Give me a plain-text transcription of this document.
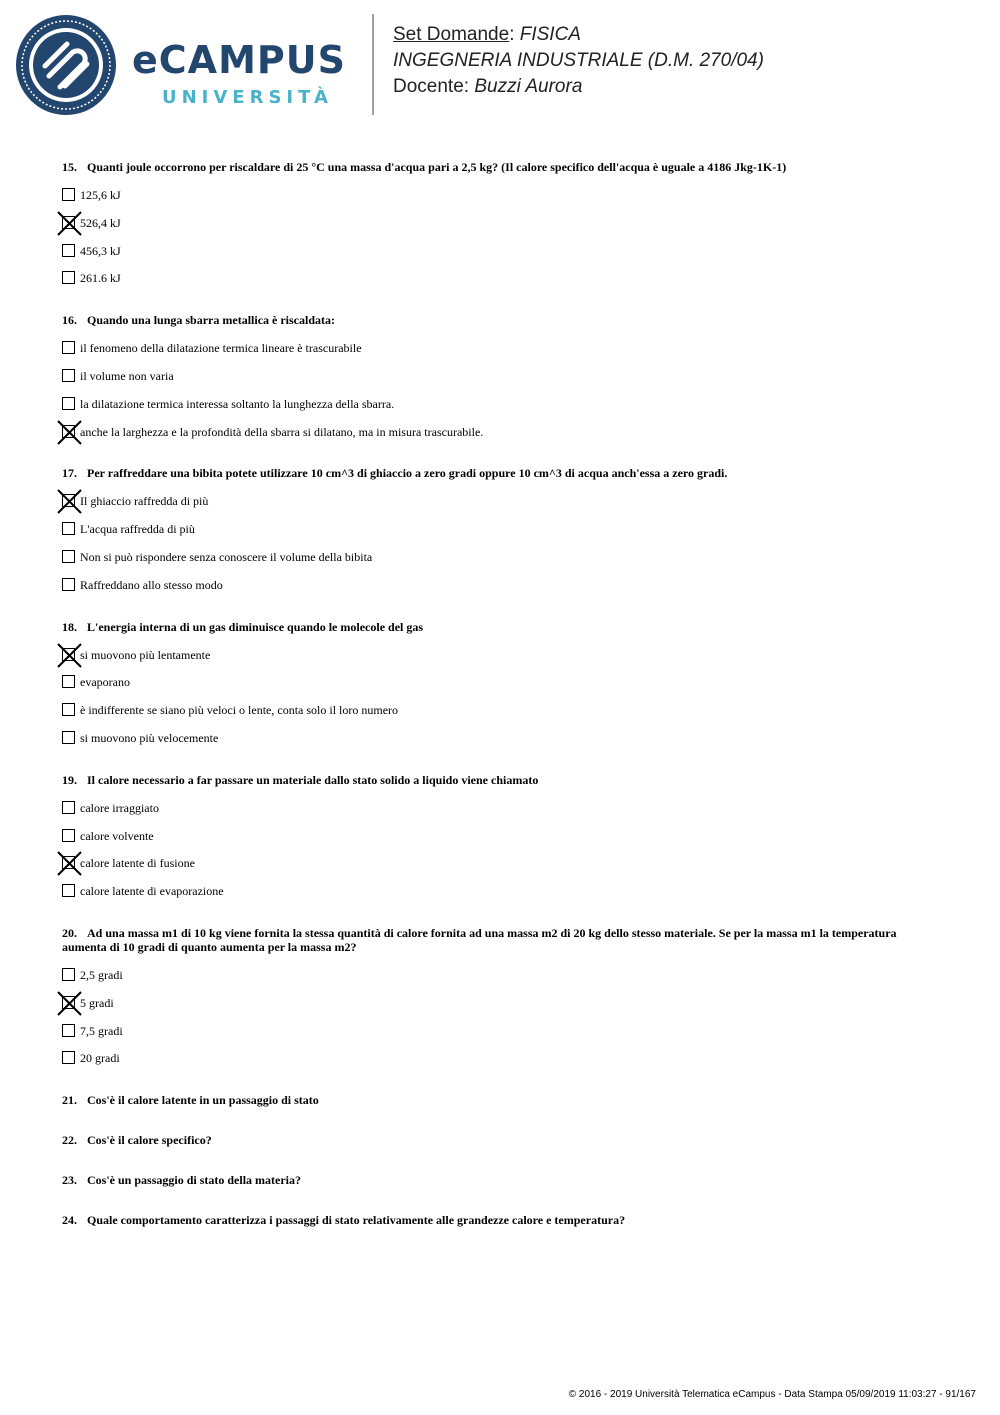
eCAMPUS
UNIVERSITÀ
Set Domande: FISICA
INGEGNERIA INDUSTRIALE (D.M. 270/04)
Docente: Buzzi Aurora
15. Quanti joule occorrono per riscaldare di 25 °C una massa d'acqua pari a 2,5 kg? (Il calore specifico dell'acqua è uguale a 4186 Jkg-1K-1)
125,6 kJ
526,4 kJ
456,3 kJ
261.6 kJ
16. Quando una lunga sbarra metallica è riscaldata:
il fenomeno della dilatazione termica lineare è trascurabile
il volume non varia
la dilatazione termica interessa soltanto la lunghezza della sbarra.
anche la larghezza e la profondità della sbarra si dilatano, ma in misura trascurabile.
17. Per raffreddare una bibita potete utilizzare 10 cm^3 di ghiaccio a zero gradi oppure 10 cm^3 di acqua anch'essa a zero gradi.
Il ghiaccio raffredda di più
L'acqua raffredda di più
Non si può rispondere senza conoscere il volume della bibita
Raffreddano allo stesso modo
18. L'energia interna di un gas diminuisce quando le molecole del gas
si muovono più lentamente
evaporano
è indifferente se siano più veloci o lente, conta solo il loro numero
si muovono più velocemente
19. Il calore necessario a far passare un materiale dallo stato solido a liquido viene chiamato
calore irraggiato
calore volvente
calore latente di fusione
calore latente di evaporazione
20. Ad una massa m1 di 10 kg viene fornita la stessa quantità di calore fornita ad una massa m2 di 20 kg dello stesso materiale. Se per la massa m1 la temperatura aumenta di 10 gradi di quanto aumenta per la massa m2?
2,5 gradi
5 gradi
7,5 gradi
20 gradi
21. Cos'è il calore latente in un passaggio di stato
22. Cos'è il calore specifico?
23. Cos'è un passaggio di stato della materia?
24. Quale comportamento caratterizza i passaggi di stato relativamente alle grandezze calore e temperatura?
© 2016 - 2019 Università Telematica eCampus - Data Stampa 05/09/2019 11:03:27 - 91/167
